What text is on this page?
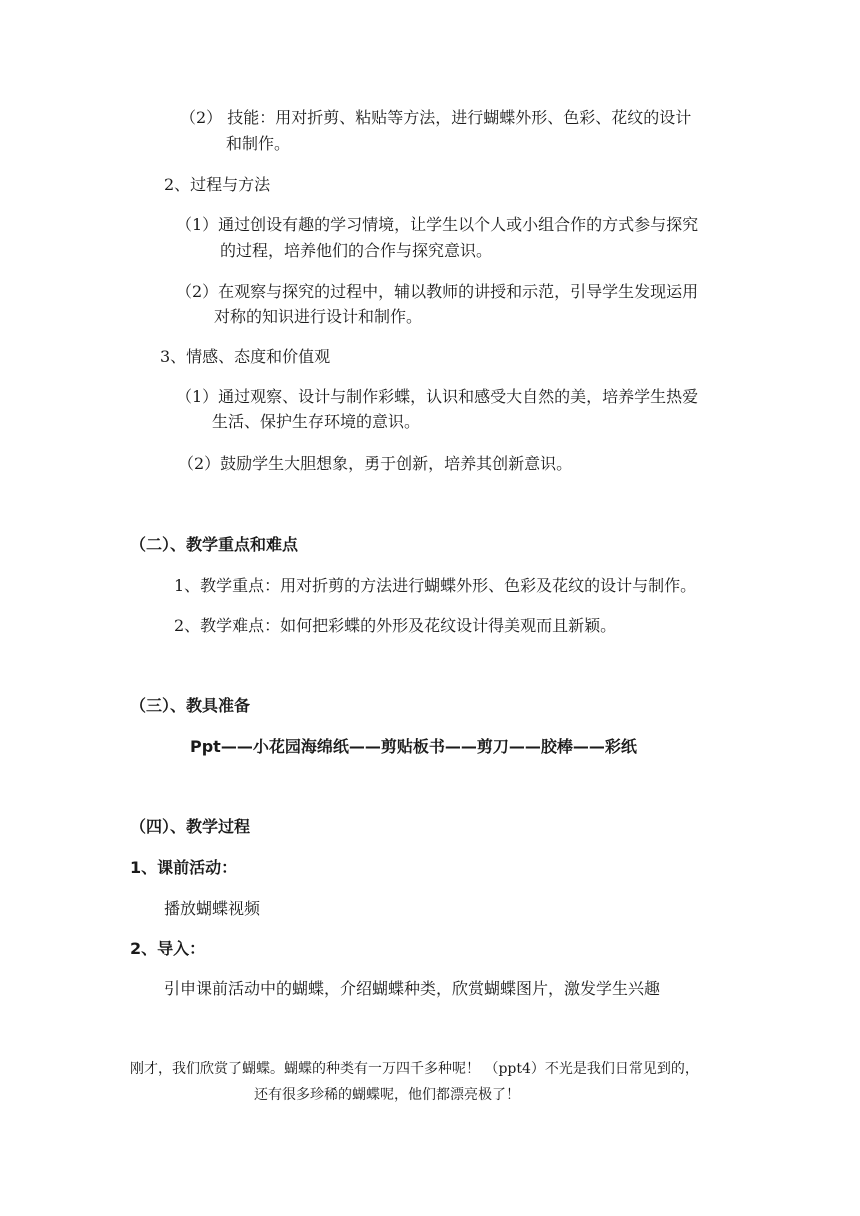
（2） 技能：用对折剪、粘贴等方法，进行蝴蝶外形、色彩、花纹的设计
和制作。
2、过程与方法
（1）通过创设有趣的学习情境，让学生以个人或小组合作的方式参与探究
的过程，培养他们的合作与探究意识。
（2）在观察与探究的过程中，辅以教师的讲授和示范，引导学生发现运用
对称的知识进行设计和制作。
3、情感、态度和价值观
（1）通过观察、设计与制作彩蝶，认识和感受大自然的美，培养学生热爱
生活、保护生存环境的意识。
（2）鼓励学生大胆想象，勇于创新，培养其创新意识。
（二）、教学重点和难点
1、教学重点：用对折剪的方法进行蝴蝶外形、色彩及花纹的设计与制作。
2、教学难点：如何把彩蝶的外形及花纹设计得美观而且新颖。
（三）、教具准备
Ppt——小花园海绵纸——剪贴板书——剪刀——胶棒——彩纸
（四）、教学过程
1、课前活动：
播放蝴蝶视频
2、导入：
引申课前活动中的蝴蝶，介绍蝴蝶种类，欣赏蝴蝶图片，激发学生兴趣
刚才，我们欣赏了蝴蝶。蝴蝶的种类有一万四千多种呢！ （ppt4）不光是我们日常见到的，
还有很多珍稀的蝴蝶呢，他们都漂亮极了！
